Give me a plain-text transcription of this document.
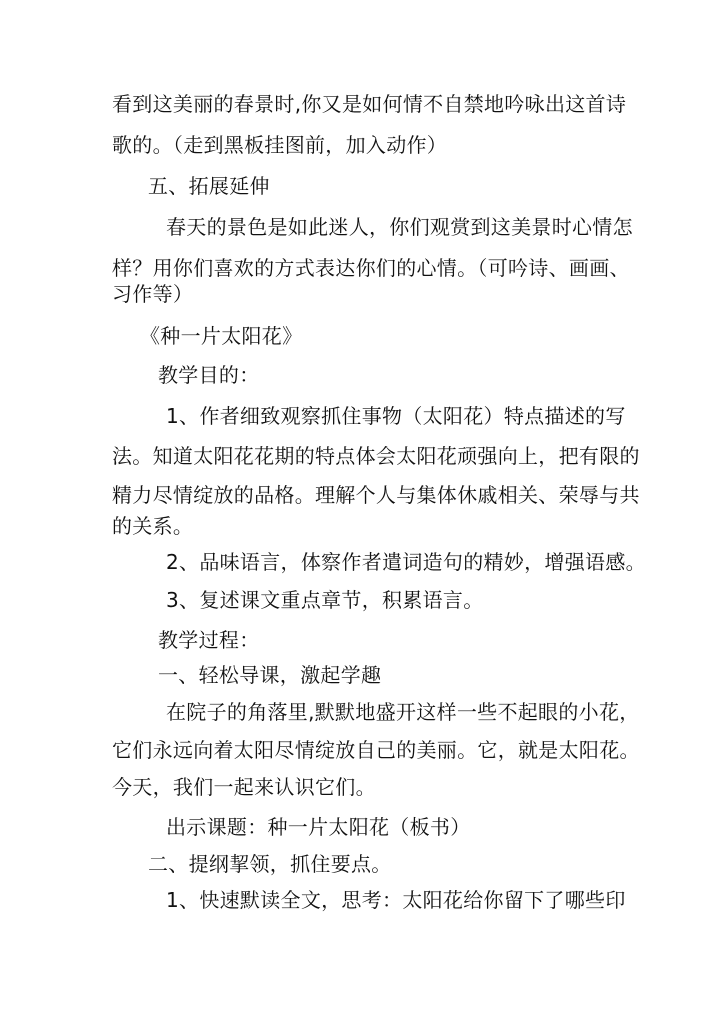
看到这美丽的春景时,你又是如何情不自禁地吟咏出这首诗
歌的。（走到黑板挂图前，加入动作）
五、拓展延伸
春天的景色是如此迷人，你们观赏到这美景时心情怎
样？用你们喜欢的方式表达你们的心情。（可吟诗、画画、
习作等）
《种一片太阳花》
教学目的：
1、作者细致观察抓住事物（太阳花）特点描述的写
法。知道太阳花花期的特点体会太阳花顽强向上，把有限的
精力尽情绽放的品格。理解个人与集体休戚相关、荣辱与共
的关系。
2、品味语言，体察作者遣词造句的精妙，增强语感。
3、复述课文重点章节，积累语言。
教学过程：
一、轻松导课，激起学趣
在院子的角落里,默默地盛开这样一些不起眼的小花，
它们永远向着太阳尽情绽放自己的美丽。它，就是太阳花。
今天，我们一起来认识它们。
出示课题：种一片太阳花（板书）
二、提纲挈领，抓住要点。
1、快速默读全文，思考：太阳花给你留下了哪些印
